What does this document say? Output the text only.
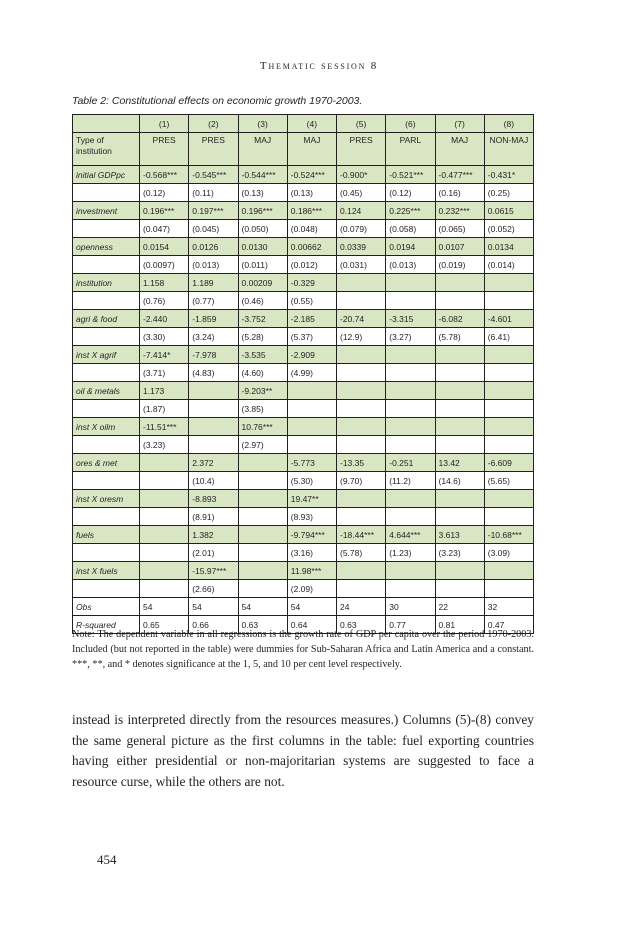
Thematic session 8
Table 2: Constitutional effects on economic growth 1970-2003.
	(1)	(2)	(3)	(4)	(5)	(6)	(7)	(8)
Type of institution	PRES	PRES	MAJ	MAJ	PRES	PARL	MAJ	NON-MAJ
initial GDPpc	-0.568***	-0.545***	-0.544***	-0.524***	-0.900*	-0.521***	-0.477***	-0.431*
	(0.12)	(0.11)	(0.13)	(0.13)	(0.45)	(0.12)	(0.16)	(0.25)
investment	0.196***	0.197***	0.196***	0.186***	0.124	0.225***	0.232***	0.0615
	(0.047)	(0.045)	(0.050)	(0.048)	(0.079)	(0.058)	(0.065)	(0.052)
openness	0.0154	0.0126	0.0130	0.00662	0.0339	0.0194	0.0107	0.0134
	(0.0097)	(0.013)	(0.011)	(0.012)	(0.031)	(0.013)	(0.019)	(0.014)
institution	1.158	1.189	0.00209	-0.329				
	(0.76)	(0.77)	(0.46)	(0.55)				
agri & food	-2.440	-1.859	-3.752	-2.185	-20.74	-3.315	-6.082	-4.601
	(3.30)	(3.24)	(5.28)	(5.37)	(12.9)	(3.27)	(5.78)	(6.41)
inst X agrif	-7.414*	-7.978	-3.535	-2.909				
	(3.71)	(4.83)	(4.60)	(4.99)				
oil & metals	1.173		-9.203**					
	(1.87)		(3.85)					
inst X oilm	-11.51***		10.76***					
	(3.23)		(2.97)					
ores & met		2.372		-5.773	-13.35	-0.251	13.42	-6.609
		(10.4)		(5.30)	(9.70)	(11.2)	(14.6)	(5.65)
inst X oresm		-8.893		19.47**				
		(8.91)		(8.93)				
fuels		1.382		-9.794***	-18.44***	4.644***	3.613	-10.68***
		(2.01)		(3.16)	(5.78)	(1.23)	(3.23)	(3.09)
inst X fuels		-15.97***		11.98***				
		(2.66)		(2.09)				
Obs	54	54	54	54	24	30	22	32
R-squared	0.65	0.66	0.63	0.64	0.63	0.77	0.81	0.47
Note: The dependent variable in all regressions is the growth rate of GDP per capita over the period 1970-2003. Included (but not reported in the table) were dummies for Sub-Saharan Africa and Latin America and a constant. ***, **, and * denotes significance at the 1, 5, and 10 per cent level respectively.
instead is interpreted directly from the resources measures.) Columns (5)-(8) convey the same general picture as the first columns in the table: fuel exporting countries having either presidential or non-majoritarian systems are suggested to face a resource curse, while the others are not.
454
